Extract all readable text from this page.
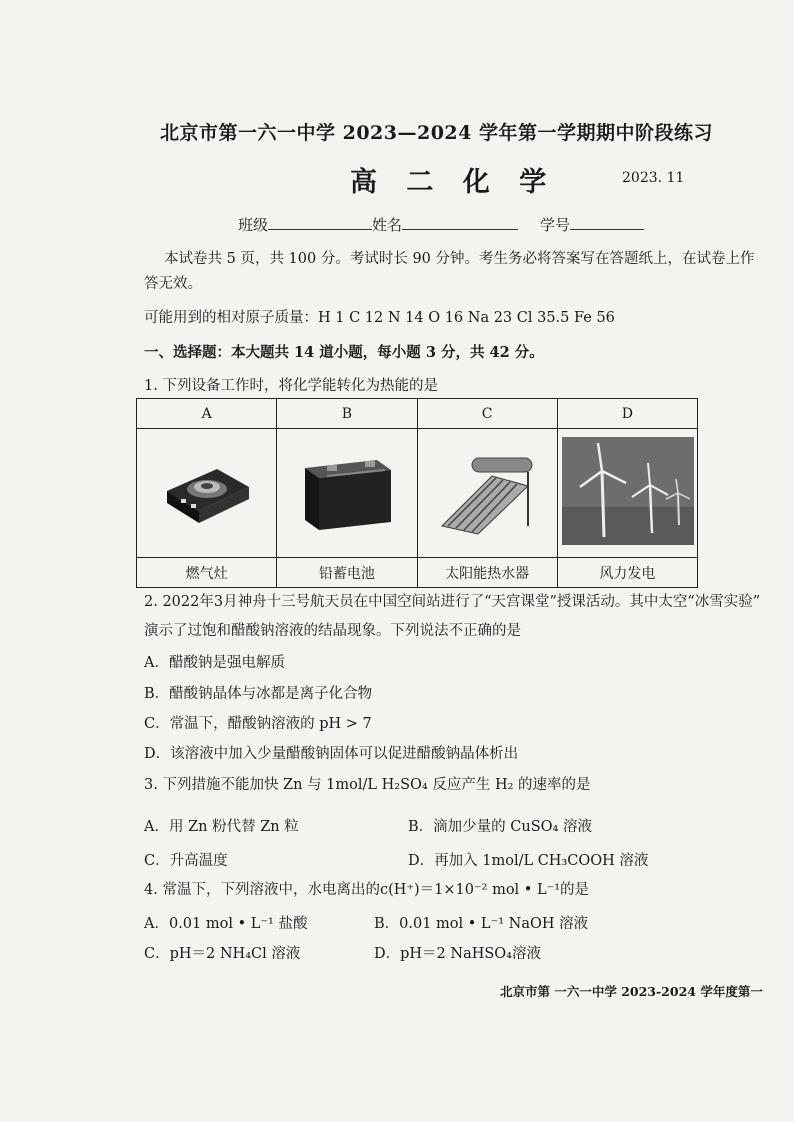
北京市第一六一中学 2023—2024 学年第一学期期中阶段练习
高 二 化 学	2023. 11
班级	姓名	学号
本试卷共 5 页，共 100 分。考试时长 90 分钟。考生务必将答案写在答题纸上，在试卷上作
答无效。
可能用到的相对原子质量：H 1 C 12 N 14 O 16 Na 23 Cl 35.5 Fe 56
一、选择题：本大题共 14 道小题，每小题 3 分，共 42 分。
1. 下列设备工作时，将化学能转化为热能的是
A	B	C	D

燃气灶	铅蓄电池	太阳能热水器	风力发电
2. 2022年3月神舟十三号航天员在中国空间站进行了“天宫课堂”授课活动。其中太空“冰雪实验”
演示了过饱和醋酸钠溶液的结晶现象。下列说法不正确的是
A．醋酸钠是强电解质
B．醋酸钠晶体与冰都是离子化合物
C．常温下，醋酸钠溶液的 pH > 7
D．该溶液中加入少量醋酸钠固体可以促进醋酸钠晶体析出
3. 下列措施不能加快 Zn 与 1mol/L H₂SO₄ 反应产生 H₂ 的速率的是
A．用 Zn 粉代替 Zn 粒	B．滴加少量的 CuSO₄ 溶液
C．升高温度	D．再加入 1mol/L CH₃COOH 溶液
4. 常温下，下列溶液中，水电离出的c(H⁺)＝1×10⁻² mol • L⁻¹的是
A．0.01 mol • L⁻¹ 盐酸	B．0.01 mol • L⁻¹ NaOH 溶液
C．pH＝2 NH₄Cl 溶液	D．pH＝2 NaHSO₄溶液
北京市第 一六一中学 2023-2024 学年度第一
